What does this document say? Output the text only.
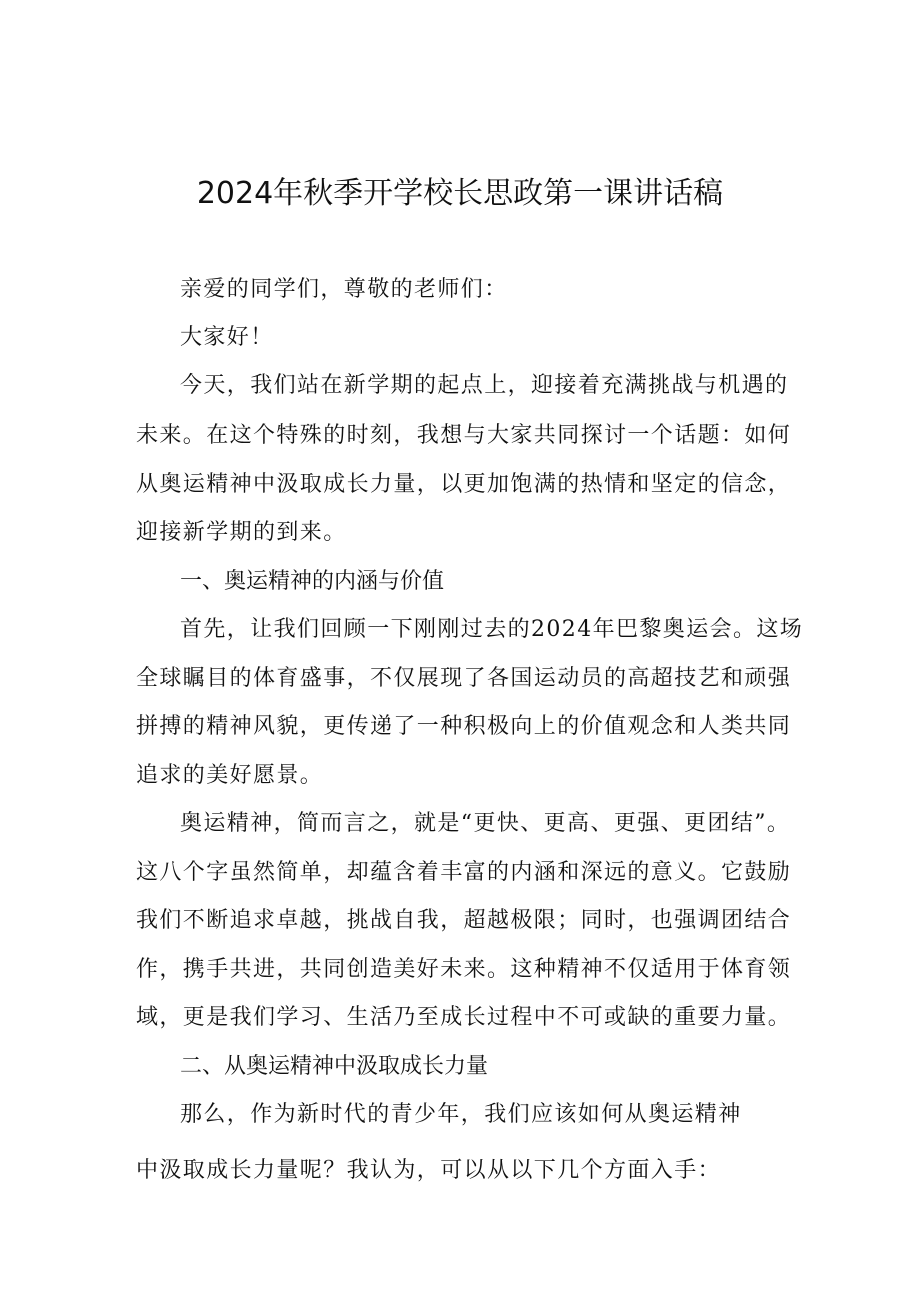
2024年秋季开学校长思政第一课讲话稿
亲爱的同学们，尊敬的老师们：
大家好！
今天，我们站在新学期的起点上，迎接着充满挑战与机遇的
未来。在这个特殊的时刻，我想与大家共同探讨一个话题：如何
从奥运精神中汲取成长力量，以更加饱满的热情和坚定的信念，
迎接新学期的到来。
一、奥运精神的内涵与价值
首先，让我们回顾一下刚刚过去的2024年巴黎奥运会。这场
全球瞩目的体育盛事，不仅展现了各国运动员的高超技艺和顽强
拼搏的精神风貌，更传递了一种积极向上的价值观念和人类共同
追求的美好愿景。
奥运精神，简而言之，就是“更快、更高、更强、更团结”。
这八个字虽然简单，却蕴含着丰富的内涵和深远的意义。它鼓励
我们不断追求卓越，挑战自我，超越极限；同时，也强调团结合
作，携手共进，共同创造美好未来。这种精神不仅适用于体育领
域，更是我们学习、生活乃至成长过程中不可或缺的重要力量。
二、从奥运精神中汲取成长力量
那么，作为新时代的青少年，我们应该如何从奥运精神
中汲取成长力量呢？我认为，可以从以下几个方面入手：
